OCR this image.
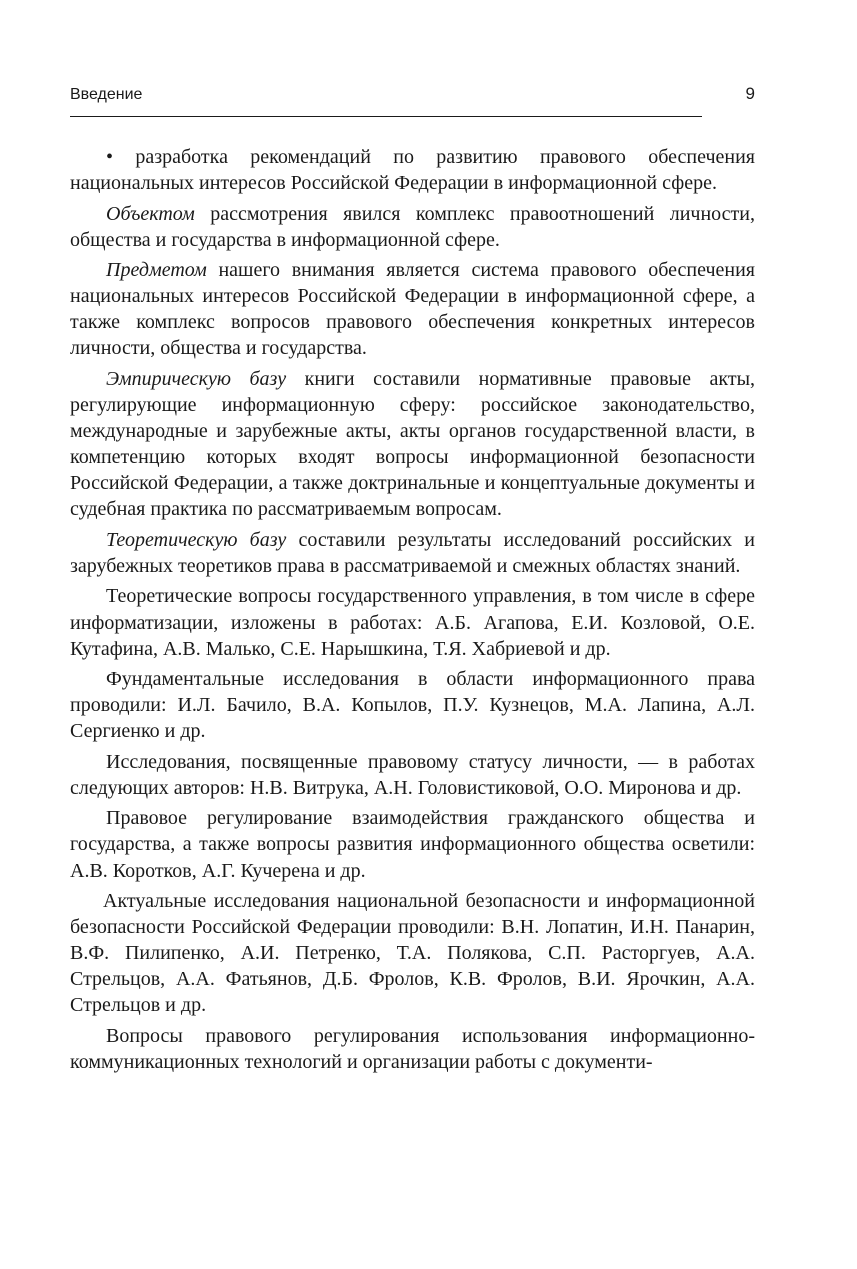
Введение	9

• разработка рекомендаций по развитию правового обеспечения национальных интересов Российской Федерации в информационной сфере.

Объектом рассмотрения явился комплекс правоотношений личности, общества и государства в информационной сфере.

Предметом нашего внимания является система правового обеспечения национальных интересов Российской Федерации в информационной сфере, а также комплекс вопросов правового обеспечения конкретных интересов личности, общества и государства.

Эмпирическую базу книги составили нормативные правовые акты, регулирующие информационную сферу: российское законодательство, международные и зарубежные акты, акты органов государственной власти, в компетенцию которых входят вопросы информационной безопасности Российской Федерации, а также доктринальные и концептуальные документы и судебная практика по рассматриваемым вопросам.

Теоретическую базу составили результаты исследований российских и зарубежных теоретиков права в рассматриваемой и смежных областях знаний.

Теоретические вопросы государственного управления, в том числе в сфере информатизации, изложены в работах: А.Б. Агапова, Е.И. Козловой, О.Е. Кутафина, А.В. Малько, С.Е. Нарышкина, Т.Я. Хабриевой и др.

Фундаментальные исследования в области информационного права проводили: И.Л. Бачило, В.А. Копылов, П.У. Кузнецов, М.А. Лапина, А.Л. Сергиенко и др.

Исследования, посвященные правовому статусу личности, — в работах следующих авторов: Н.В. Витрука, А.Н. Головистиковой, О.О. Миронова и др.

Правовое регулирование взаимодействия гражданского общества и государства, а также вопросы развития информационного общества осветили: А.В. Коротков, А.Г. Кучерена и др.

Актуальные исследования национальной безопасности и информационной безопасности Российской Федерации проводили: В.Н. Лопатин, И.Н. Панарин, В.Ф. Пилипенко, А.И. Петренко, Т.А. Полякова, С.П. Расторгуев, А.А. Стрельцов, А.А. Фатьянов, Д.Б. Фролов, К.В. Фролов, В.И. Ярочкин, А.А. Стрельцов и др.

Вопросы правового регулирования использования информационно-коммуникационных технологий и организации работы с документи-
